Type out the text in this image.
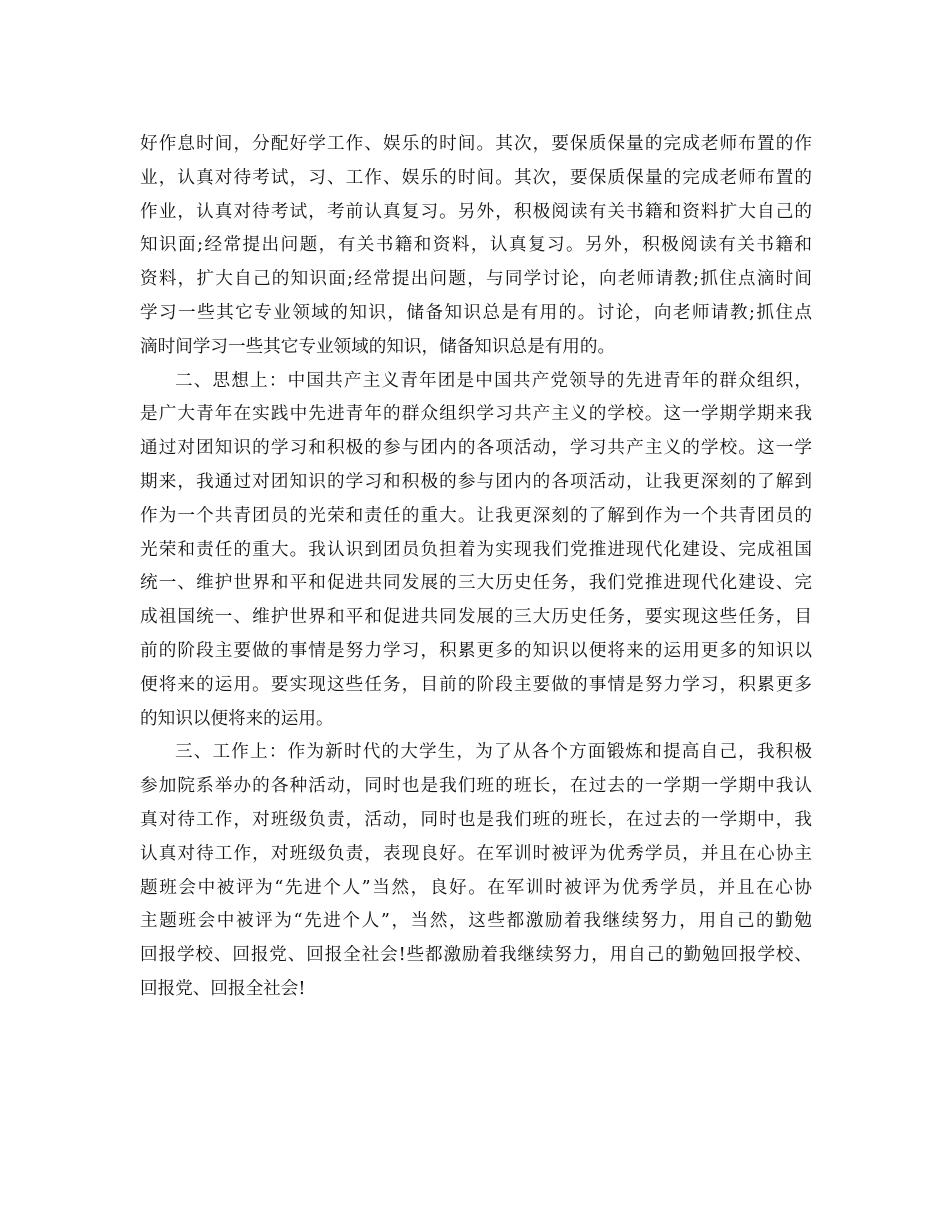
好作息时间，分配好学工作、娱乐的时间。其次，要保质保量的完成老师布置的作
业，认真对待考试，习、工作、娱乐的时间。其次，要保质保量的完成老师布置的
作业，认真对待考试，考前认真复习。另外，积极阅读有关书籍和资料扩大自己的
知识面;经常提出问题，有关书籍和资料，认真复习。另外，积极阅读有关书籍和
资料，扩大自己的知识面;经常提出问题，与同学讨论，向老师请教;抓住点滴时间
学习一些其它专业领域的知识，储备知识总是有用的。讨论，向老师请教;抓住点
滴时间学习一些其它专业领域的知识，储备知识总是有用的。
二、思想上：中国共产主义青年团是中国共产党领导的先进青年的群众组织，
是广大青年在实践中先进青年的群众组织学习共产主义的学校。这一学期学期来我
通过对团知识的学习和积极的参与团内的各项活动，学习共产主义的学校。这一学
期来，我通过对团知识的学习和积极的参与团内的各项活动，让我更深刻的了解到
作为一个共青团员的光荣和责任的重大。让我更深刻的了解到作为一个共青团员的
光荣和责任的重大。我认识到团员负担着为实现我们党推进现代化建设、完成祖国
统一、维护世界和平和促进共同发展的三大历史任务，我们党推进现代化建设、完
成祖国统一、维护世界和平和促进共同发展的三大历史任务，要实现这些任务，目
前的阶段主要做的事情是努力学习，积累更多的知识以便将来的运用更多的知识以
便将来的运用。要实现这些任务，目前的阶段主要做的事情是努力学习，积累更多
的知识以便将来的运用。
三、工作上：作为新时代的大学生，为了从各个方面锻炼和提高自己，我积极
参加院系举办的各种活动，同时也是我们班的班长，在过去的一学期一学期中我认
真对待工作，对班级负责，活动，同时也是我们班的班长，在过去的一学期中，我
认真对待工作，对班级负责，表现良好。在军训时被评为优秀学员，并且在心协主
题班会中被评为“先进个人”当然，良好。在军训时被评为优秀学员，并且在心协
主题班会中被评为“先进个人”，当然，这些都激励着我继续努力，用自己的勤勉
回报学校、回报党、回报全社会!些都激励着我继续努力，用自己的勤勉回报学校、
回报党、回报全社会!
